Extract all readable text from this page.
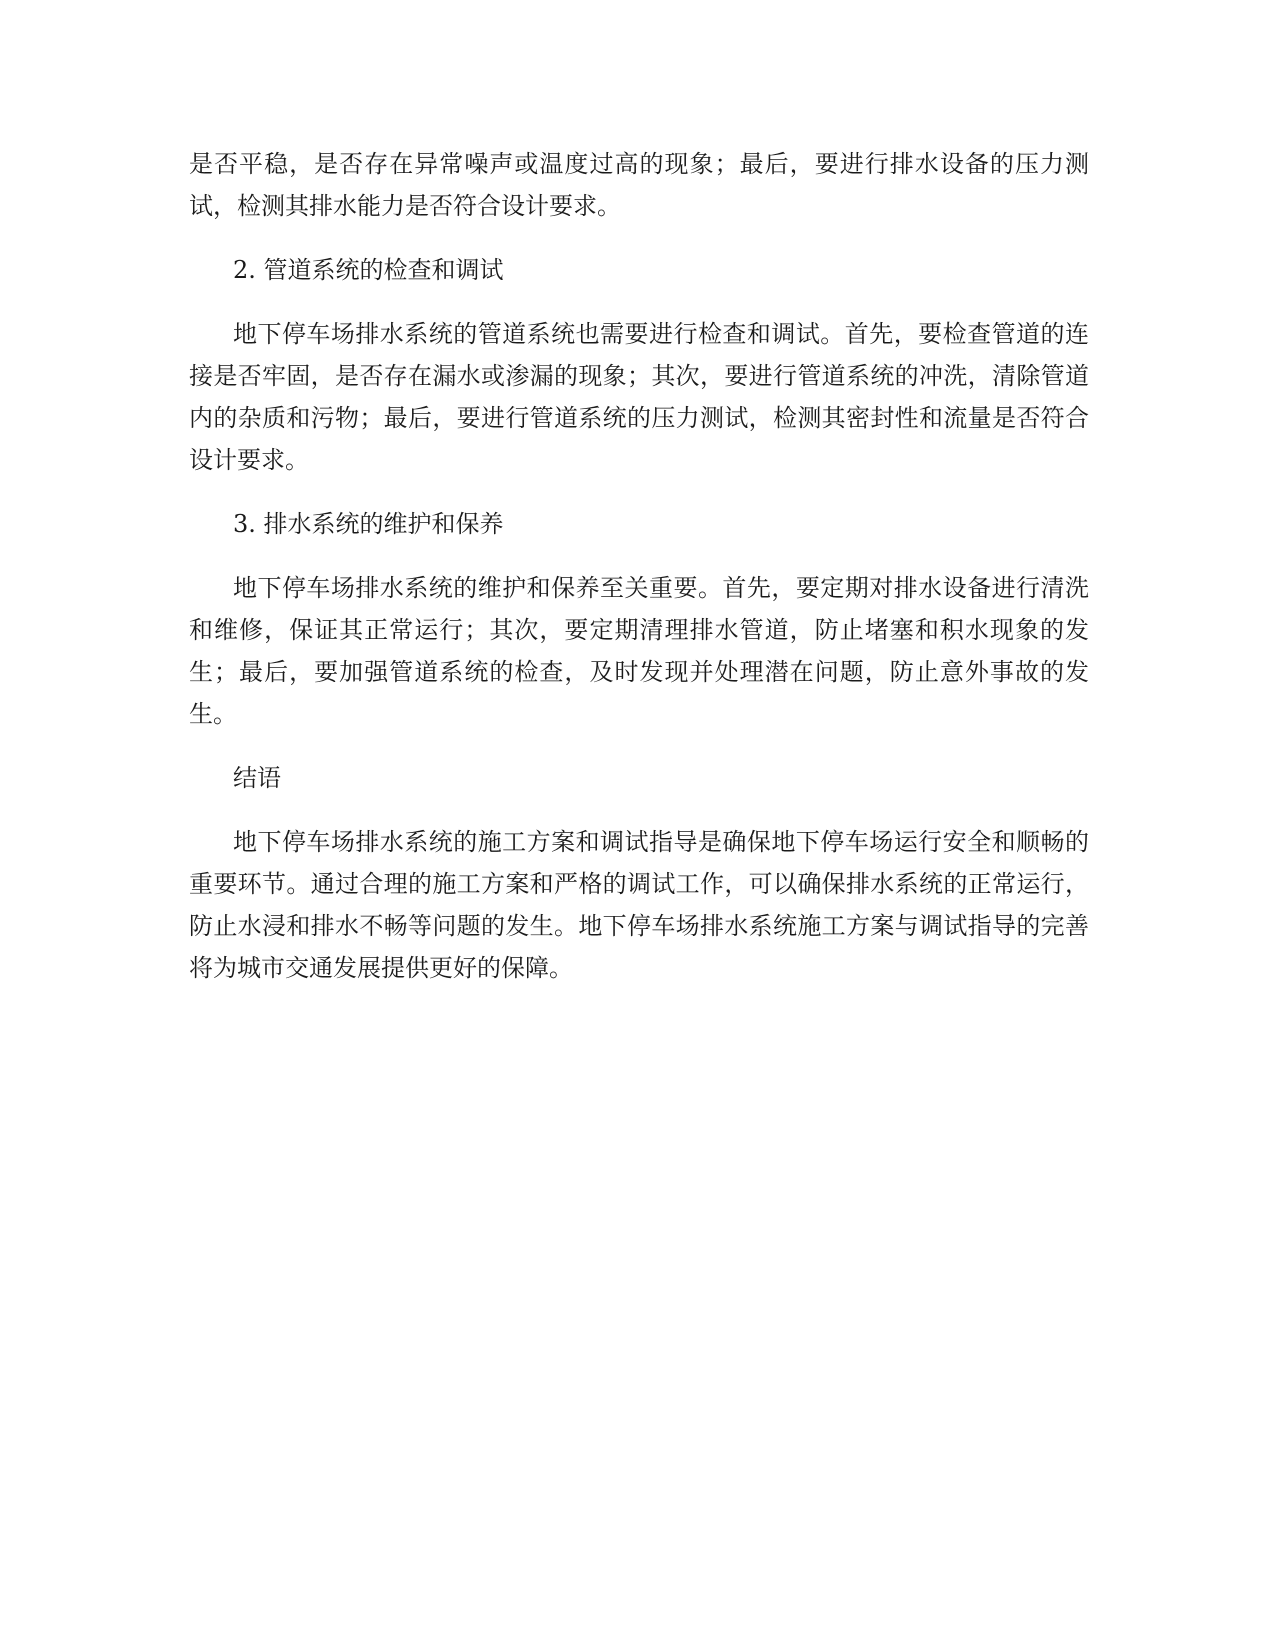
是否平稳，是否存在异常噪声或温度过高的现象；最后，要进行排水设备的压力测试，检测其排水能力是否符合设计要求。

2. 管道系统的检查和调试

地下停车场排水系统的管道系统也需要进行检查和调试。首先，要检查管道的连接是否牢固，是否存在漏水或渗漏的现象；其次，要进行管道系统的冲洗，清除管道内的杂质和污物；最后，要进行管道系统的压力测试，检测其密封性和流量是否符合设计要求。

3. 排水系统的维护和保养

地下停车场排水系统的维护和保养至关重要。首先，要定期对排水设备进行清洗和维修，保证其正常运行；其次，要定期清理排水管道，防止堵塞和积水现象的发生；最后，要加强管道系统的检查，及时发现并处理潜在问题，防止意外事故的发生。

结语

地下停车场排水系统的施工方案和调试指导是确保地下停车场运行安全和顺畅的重要环节。通过合理的施工方案和严格的调试工作，可以确保排水系统的正常运行，防止水浸和排水不畅等问题的发生。地下停车场排水系统施工方案与调试指导的完善将为城市交通发展提供更好的保障。
